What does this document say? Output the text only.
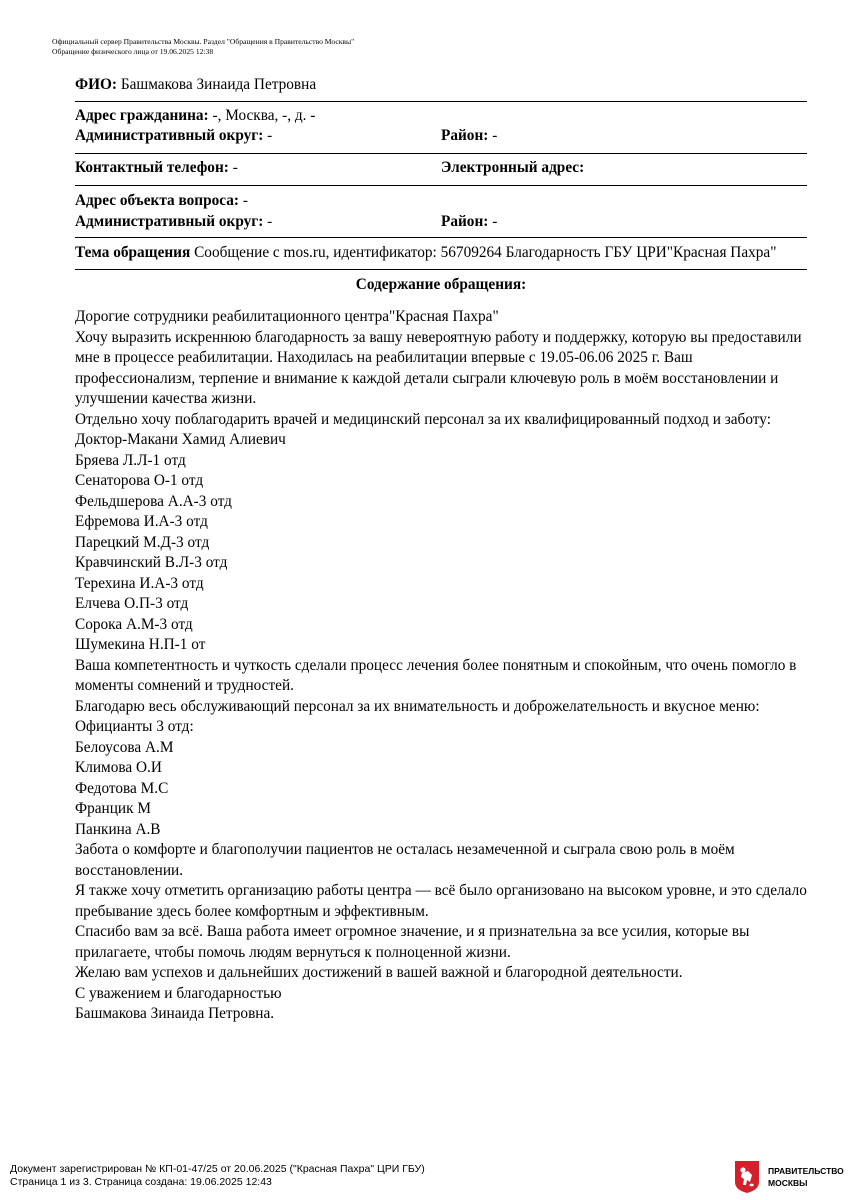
Официальный сервер Правительства Москвы. Раздел "Обращения в Правительство Москвы"
Обращение физического лица от 19.06.2025 12:38
ФИО: Башмакова Зинаида Петровна
Адрес гражданина: -, Москва, -, д. -
Административный округ: -	Район: -
Контактный телефон: -	Электронный адрес:
Адрес объекта вопроса: -
Административный округ: -	Район: -
Тема обращения Сообщение с mos.ru, идентификатор: 56709264 Благодарность ГБУ ЦРИ"Красная Пахра"
Содержание обращения:

Дорогие сотрудники реабилитационного центра"Красная Пахра"

Хочу выразить искреннюю благодарность за вашу невероятную работу и поддержку, которую вы предоставили мне в процессе реабилитации. Находилась на реабилитации впервые с 19.05-06.06 2025 г. Ваш профессионализм, терпение и внимание к каждой детали сыграли ключевую роль в моём восстановлении и улучшении качества жизни.

Отдельно хочу поблагодарить врачей и медицинский персонал за их квалифицированный подход и заботу:

Доктор-Макани Хамид Алиевич

Бряева Л.Л-1 отд

Сенаторова О-1 отд

Фельдшерова А.А-3 отд

Ефремова И.А-3 отд

Парецкий М.Д-3 отд

Кравчинский В.Л-3 отд

Терехина И.А-3 отд

Елчева О.П-3 отд

Сорока А.М-3 отд

Шумекина Н.П-1 от

Ваша компетентность и чуткость сделали процесс лечения более понятным и спокойным, что очень помогло в моменты сомнений и трудностей.

Благодарю весь обслуживающий персонал за их внимательность и доброжелательность и вкусное меню:

Официанты 3 отд:

Белоусова А.М

Климова О.И

Федотова М.С

Францик М

Панкина А.В

Забота о комфорте и благополучии пациентов не осталась незамеченной и сыграла свою роль в моём восстановлении.

Я также хочу отметить организацию работы центра — всё было организовано на высоком уровне, и это сделало пребывание здесь более комфортным и эффективным.

Спасибо вам за всё. Ваша работа имеет огромное значение, и я признательна за все усилия, которые вы прилагаете, чтобы помочь людям вернуться к полноценной жизни.

Желаю вам успехов и дальнейших достижений в вашей важной и благородной деятельности.

С уважением и благодарностью

Башмакова Зинаида Петровна.

Документ зарегистрирован № КП-01-47/25 от 20.06.2025 ("Красная Пахра" ЦРИ ГБУ)
Страница 1 из 3. Страница создана: 19.06.2025 12:43
ПРАВИТЕЛЬСТВО
МОСКВЫ
